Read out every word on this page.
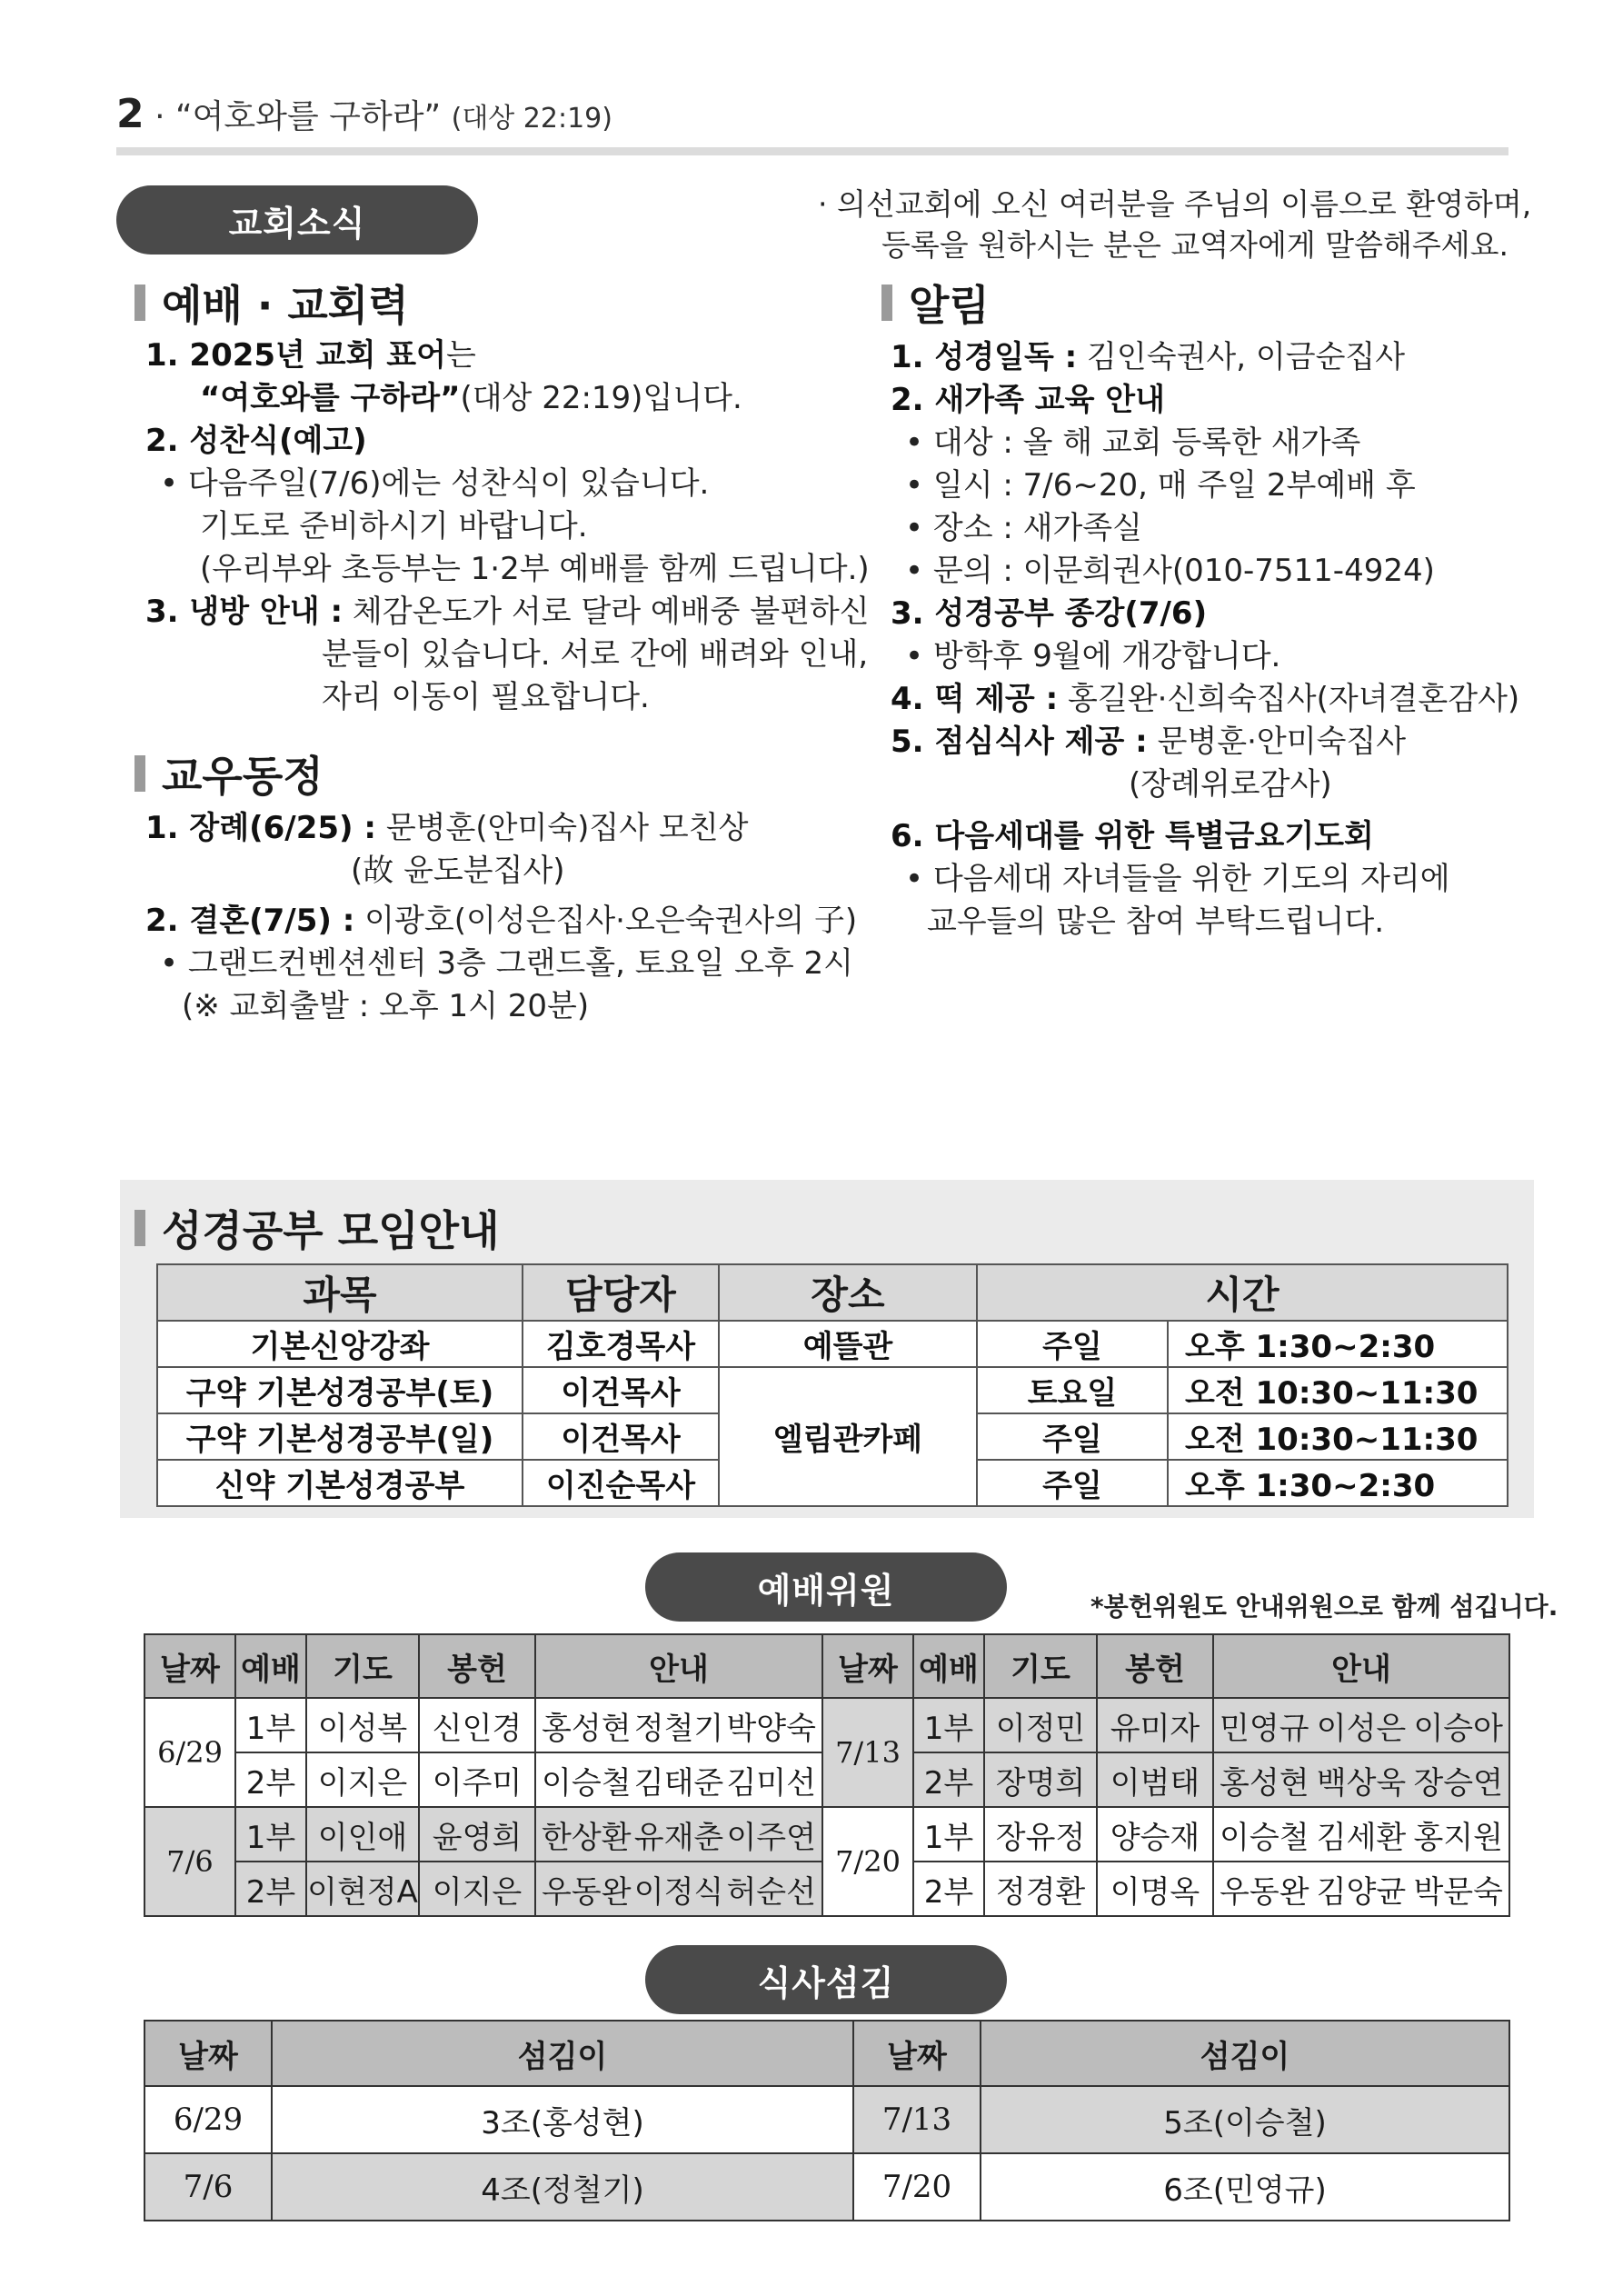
2 · “여호와를 구하라” (대상 22:19)
교회소식	· 의선교회에 오신 여러분을 주님의 이름으로 환영하며,
등록을 원하시는 분은 교역자에게 말씀해주세요.
예배 · 교회력
1. 2025년 교회 표어는
“여호와를 구하라”(대상 22:19)입니다.
2. 성찬식(예고)
• 다음주일(7/6)에는 성찬식이 있습니다.
기도로 준비하시기 바랍니다.
(우리부와 초등부는 1·2부 예배를 함께 드립니다.)
3. 냉방 안내 : 체감온도가 서로 달라 예배중 불편하신
분들이 있습니다. 서로 간에 배려와 인내,
자리 이동이 필요합니다.
교우동정
1. 장례(6/25) : 문병훈(안미숙)집사 모친상
(故 윤도분집사)
2. 결혼(7/5) : 이광호(이성은집사·오은숙권사의 子)
• 그랜드컨벤션센터 3층 그랜드홀, 토요일 오후 2시
(※ 교회출발 : 오후 1시 20분)
알림
1. 성경일독 : 김인숙권사, 이금순집사
2. 새가족 교육 안내
• 대상 : 올 해 교회 등록한 새가족
• 일시 : 7/6~20, 매 주일 2부예배 후
• 장소 : 새가족실
• 문의 : 이문희권사(010-7511-4924)
3. 성경공부 종강(7/6)
• 방학후 9월에 개강합니다.
4. 떡 제공 : 홍길완·신희숙집사(자녀결혼감사)
5. 점심식사 제공 : 문병훈·안미숙집사
(장례위로감사)
6. 다음세대를 위한 특별금요기도회
• 다음세대 자녀들을 위한 기도의 자리에
교우들의 많은 참여 부탁드립니다.
성경공부 모임안내
과목	담당자	장소	시간	
기본신앙강좌	김호경목사	예뜰관	주일	오후 1:30~2:30
구약 기본성경공부(토)	이건목사	엘림관카페	토요일	오전 10:30~11:30
구약 기본성경공부(일)	이건목사		주일	오전 10:30~11:30
신약 기본성경공부	이진순목사		주일	오후 1:30~2:30
예배위원	*봉헌위원도 안내위원으로 함께 섬깁니다.
날짜	예배	기도	봉헌	안내	날짜	예배	기도	봉헌	안내
6/29	1부	이성복	신인경	홍성현 정철기 박양숙	7/13	1부	이정민	유미자	민영규 이성은 이승아

	2부	이지은	이주미	이승철 김태준 김미선		2부	장명희	이범태	홍성현 백상욱 장승연

7/6	1부	이인애	윤영희	한상환 유재춘 이주연	7/20	1부	장유정	양승재	이승철 김세환 홍지원

	2부	이현정A	이지은	우동완 이정식 허순선		2부	정경환	이명옥	우동완 김양균 박문숙
식사섬김
날짜	섬김이	날짜	섬김이
6/29	3조(홍성현)	7/13	5조(이승철)
7/6	4조(정철기)	7/20	6조(민영규)
